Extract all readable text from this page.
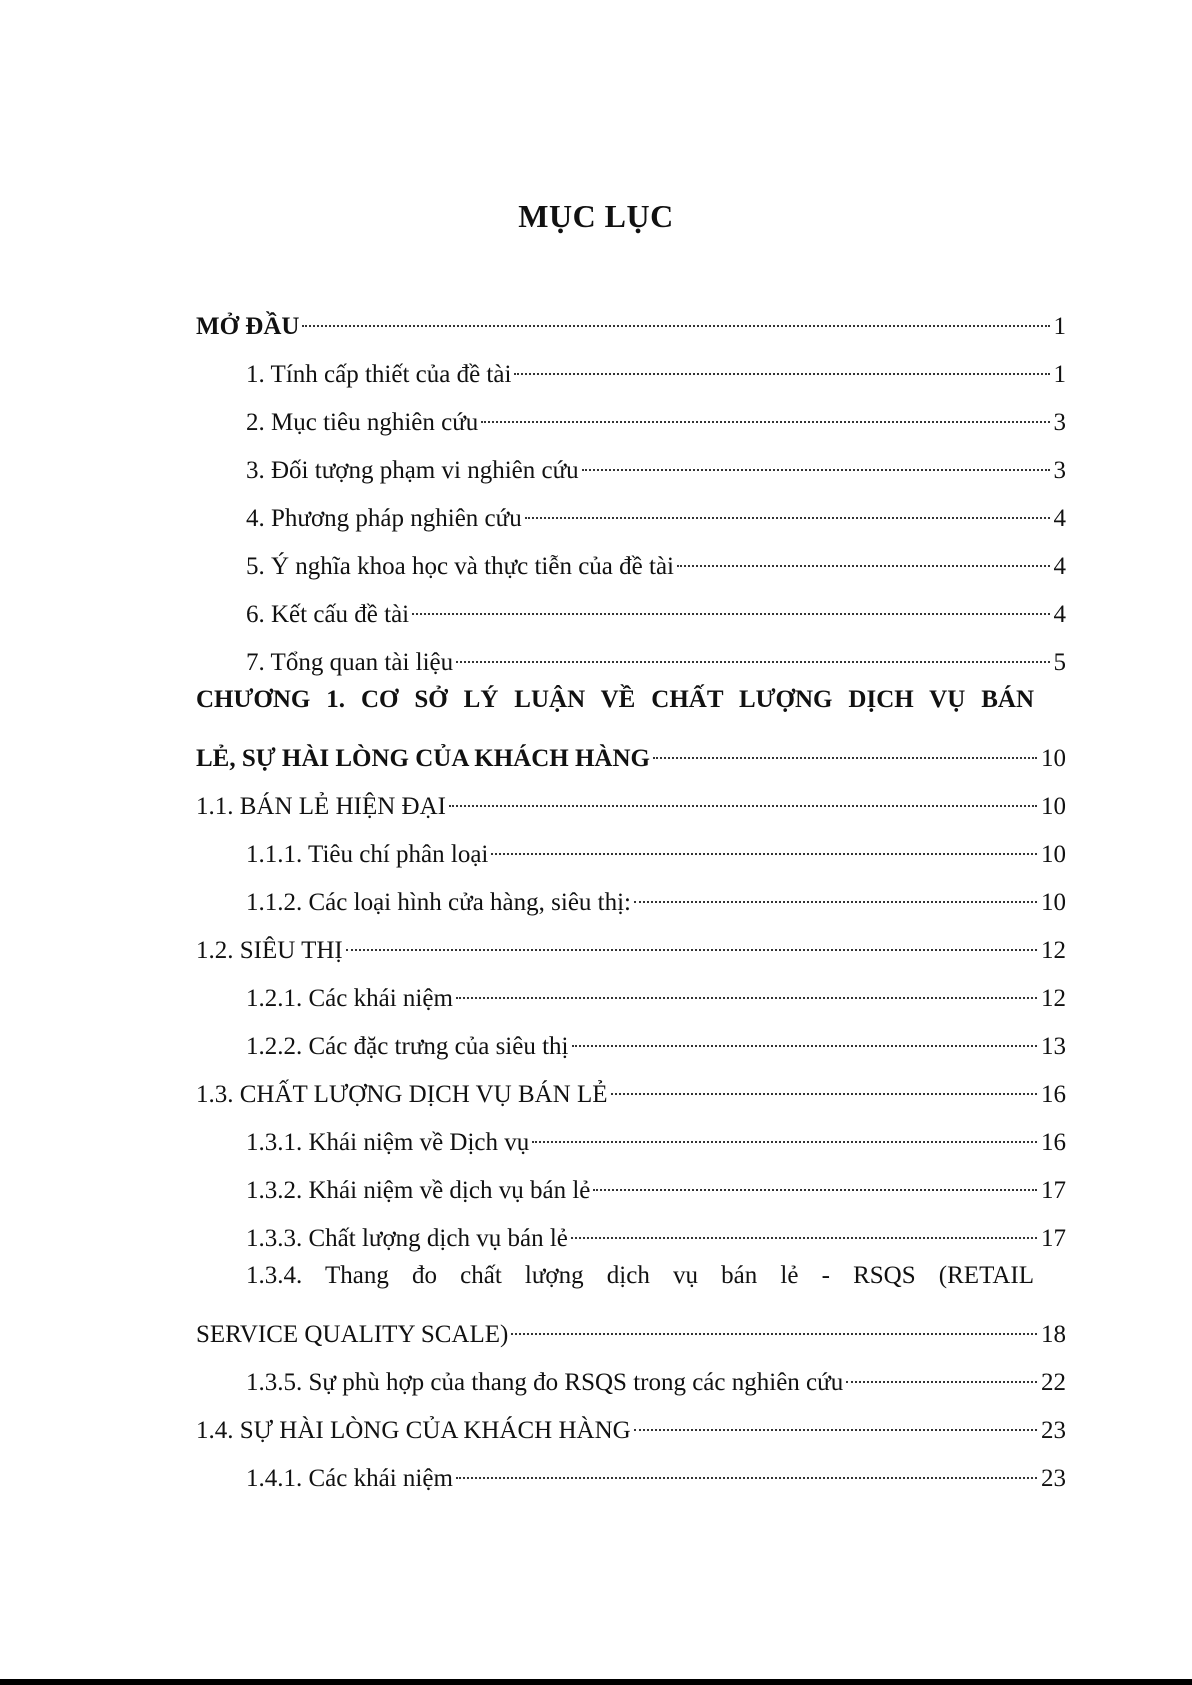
MỤC LỤC
MỞ ĐẦU	1
1. Tính cấp thiết của đề tài	1
2. Mục tiêu nghiên cứu	3
3. Đối tượng phạm vi nghiên cứu	3
4. Phương pháp nghiên cứu	4
5. Ý nghĩa khoa học và thực tiễn của đề tài	4
6. Kết cấu đề tài	4
7. Tổng quan tài liệu	5
CHƯƠNG 1. CƠ SỞ LÝ LUẬN VỀ CHẤT LƯỢNG DỊCH VỤ BÁN
LẺ, SỰ HÀI LÒNG CỦA KHÁCH HÀNG	10
1.1. BÁN LẺ HIỆN ĐẠI	10
1.1.1. Tiêu chí phân loại	10
1.1.2. Các loại hình cửa hàng, siêu thị:	10
1.2. SIÊU THỊ	12
1.2.1. Các khái niệm	12
1.2.2. Các đặc trưng của siêu thị	13
1.3. CHẤT LƯỢNG DỊCH VỤ BÁN LẺ	16
1.3.1. Khái niệm về Dịch vụ	16
1.3.2. Khái niệm về dịch vụ bán lẻ	17
1.3.3. Chất lượng dịch vụ bán lẻ	17
1.3.4. Thang đo chất lượng dịch vụ bán lẻ - RSQS (RETAIL
SERVICE QUALITY SCALE)	18
1.3.5. Sự phù hợp của thang đo RSQS trong các nghiên cứu	22
1.4. SỰ HÀI LÒNG CỦA KHÁCH HÀNG	23
1.4.1. Các khái niệm	23
